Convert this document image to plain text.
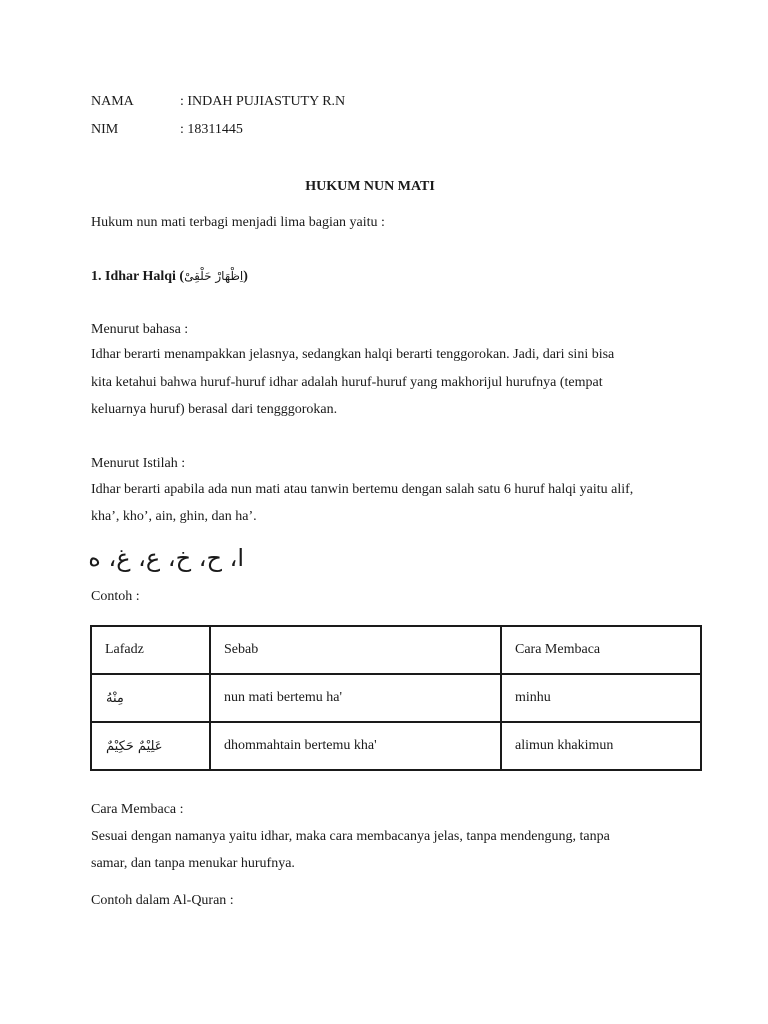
NAMA	: INDAH PUJIASTUTY R.N
NIM	: 18311445
HUKUM NUN MATI
Hukum nun mati terbagi menjadi lima bagian yaitu :
1. Idhar Halqi (اِظْهَارْ حَلْقِىْ)
Menurut bahasa :
Idhar berarti menampakkan jelasnya, sedangkan halqi berarti tenggorokan. Jadi, dari sini bisa
kita ketahui bahwa huruf-huruf idhar adalah huruf-huruf yang makhorijul hurufnya (tempat
keluarnya huruf) berasal dari tengggorokan.
Menurut Istilah :
Idhar berarti apabila ada nun mati atau tanwin bertemu dengan salah satu 6 huruf halqi yaitu alif,
kha’, kho’, ain, ghin, dan ha’.
ا، ح، خ، ع، غ، ه
Contoh :
Lafadz	Sebab	Cara Membaca
مِنْهُ	nun mati bertemu ha'	minhu
عَلِيْمٌ حَكِيْمٌ	dhommahtain bertemu kha'	alimun khakimun
Cara Membaca :
Sesuai dengan namanya yaitu idhar, maka cara membacanya jelas, tanpa mendengung, tanpa
samar, dan tanpa menukar hurufnya.
Contoh dalam Al-Quran :
